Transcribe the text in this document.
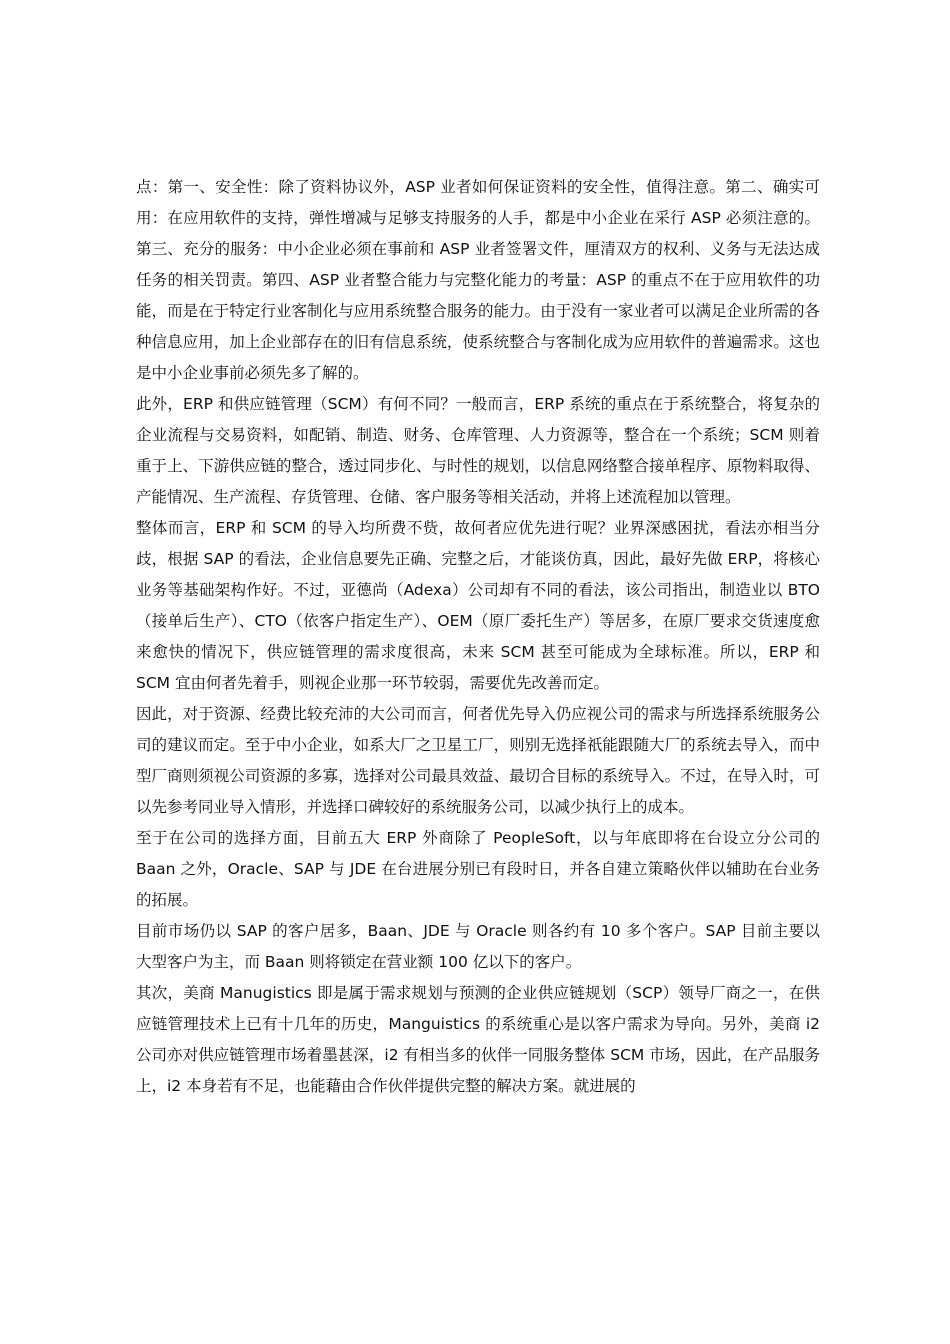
点：第一、安全性：除了资料协议外，ASP 业者如何保证资料的安全性，值得注意。第二、确实可用：在应用软件的支持，弹性增减与足够支持服务的人手，都是中小企业在采行 ASP 必须注意的。第三、充分的服务：中小企业必须在事前和 ASP 业者签署文件，厘清双方的权利、义务与无法达成任务的相关罚责。第四、ASP 业者整合能力与完整化能力的考量：ASP 的重点不在于应用软件的功能，而是在于特定行业客制化与应用系统整合服务的能力。由于没有一家业者可以满足企业所需的各种信息应用，加上企业部存在的旧有信息系统，使系统整合与客制化成为应用软件的普遍需求。这也是中小企业事前必须先多了解的。

此外，ERP 和供应链管理（SCM）有何不同？一般而言，ERP 系统的重点在于系统整合，将复杂的企业流程与交易资料，如配销、制造、财务、仓库管理、人力资源等，整合在一个系统；SCM 则着重于上、下游供应链的整合，透过同步化、与时性的规划，以信息网络整合接单程序、原物料取得、产能情况、生产流程、存货管理、仓储、客户服务等相关活动，并将上述流程加以管理。

整体而言，ERP 和 SCM 的导入均所费不赀，故何者应优先进行呢？业界深感困扰，看法亦相当分歧，根据 SAP 的看法，企业信息要先正确、完整之后，才能谈仿真，因此，最好先做 ERP，将核心业务等基础架构作好。不过，亚德尚（Adexa）公司却有不同的看法，该公司指出，制造业以 BTO（接单后生产）、CTO（依客户指定生产）、OEM（原厂委托生产）等居多，在原厂要求交货速度愈来愈快的情况下，供应链管理的需求度很高，未来 SCM 甚至可能成为全球标准。所以，ERP 和 SCM 宜由何者先着手，则视企业那一环节较弱，需要优先改善而定。

因此，对于资源、经费比较充沛的大公司而言，何者优先导入仍应视公司的需求与所选择系统服务公司的建议而定。至于中小企业，如系大厂之卫星工厂，则别无选择祇能跟随大厂的系统去导入，而中型厂商则须视公司资源的多寡，选择对公司最具效益、最切合目标的系统导入。不过，在导入时，可以先参考同业导入情形，并选择口碑较好的系统服务公司，以减少执行上的成本。

至于在公司的选择方面，目前五大 ERP 外商除了 PeopleSoft，以与年底即将在台设立分公司的 Baan 之外，Oracle、SAP 与 JDE 在台进展分别已有段时日，并各自建立策略伙伴以辅助在台业务的拓展。

目前市场仍以 SAP 的客户居多，Baan、JDE 与 Oracle 则各约有 10 多个客户。SAP 目前主要以大型客户为主，而 Baan 则将锁定在营业额 100 亿以下的客户。

其次，美商 Manugistics 即是属于需求规划与预测的企业供应链规划（SCP）领导厂商之一，在供应链管理技术上已有十几年的历史，Manguistics 的系统重心是以客户需求为导向。另外，美商 i2 公司亦对供应链管理市场着墨甚深，i2 有相当多的伙伴一同服务整体 SCM 市场，因此，在产品服务上，i2 本身若有不足，也能藉由合作伙伴提供完整的解决方案。就进展的
